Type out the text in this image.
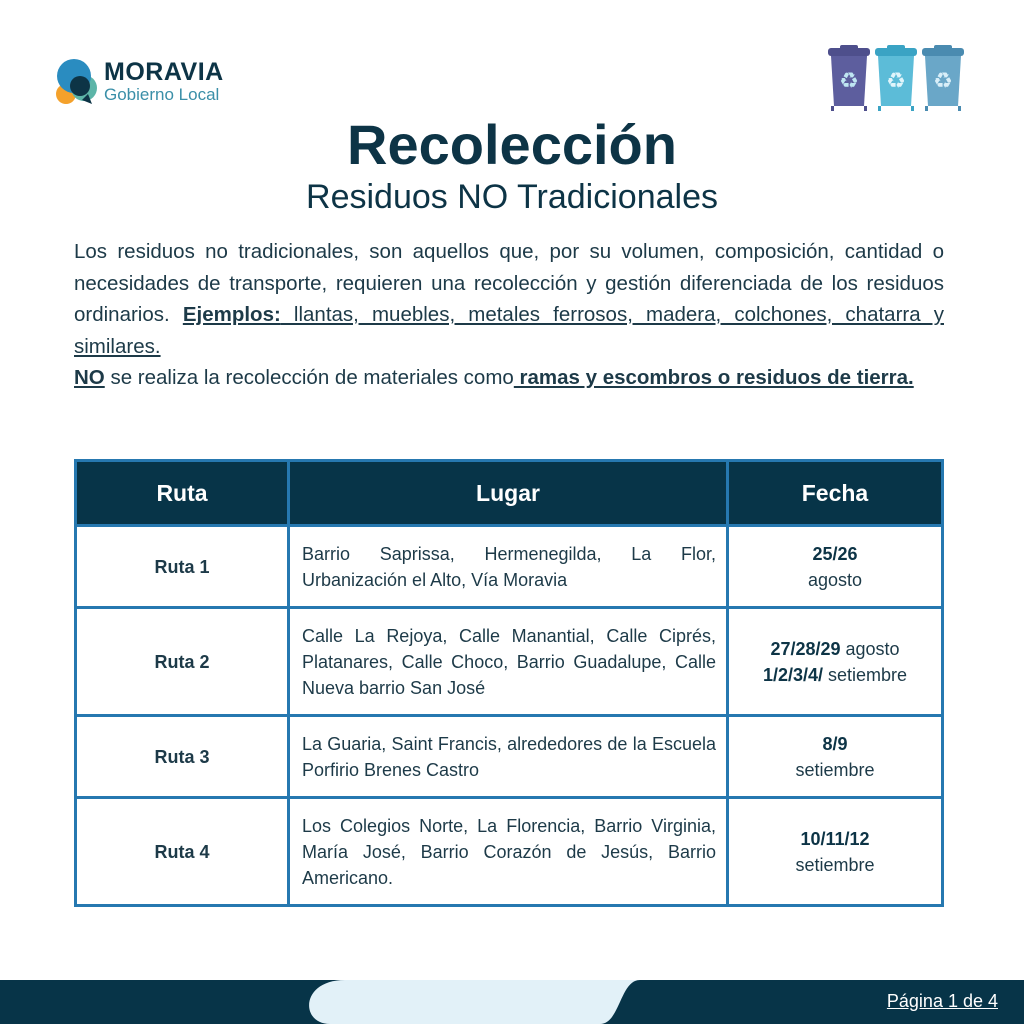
MORAVIA
Gobierno Local
♻ ♻ ♻
Recolección
Residuos NO Tradicionales

Los residuos no tradicionales, son aquellos que, por su volumen, composición, cantidad o necesidades de transporte, requieren una recolección y gestión diferenciada de los residuos ordinarios. Ejemplos: llantas, muebles, metales ferrosos, madera, colchones, chatarra y similares.

NO se realiza la recolección de materiales como ramas y escombros o residuos de tierra.

Ruta	Lugar	Fecha
Ruta 1	Barrio Saprissa, Hermenegilda, La Flor, Urbanización el Alto, Vía Moravia	25/26
agosto
Ruta 2	Calle La Rejoya, Calle Manantial, Calle Ciprés, Platanares, Calle Choco, Barrio Guadalupe, Calle Nueva barrio San José	27/28/29 agosto
1/2/3/4/ setiembre
Ruta 3	La Guaria, Saint Francis, alrededores de la Escuela Porfirio Brenes Castro	8/9
setiembre
Ruta 4	Los Colegios Norte, La Florencia, Barrio Virginia, María José, Barrio Corazón de Jesús, Barrio Americano.	10/11/12
setiembre
Página 1 de 4
